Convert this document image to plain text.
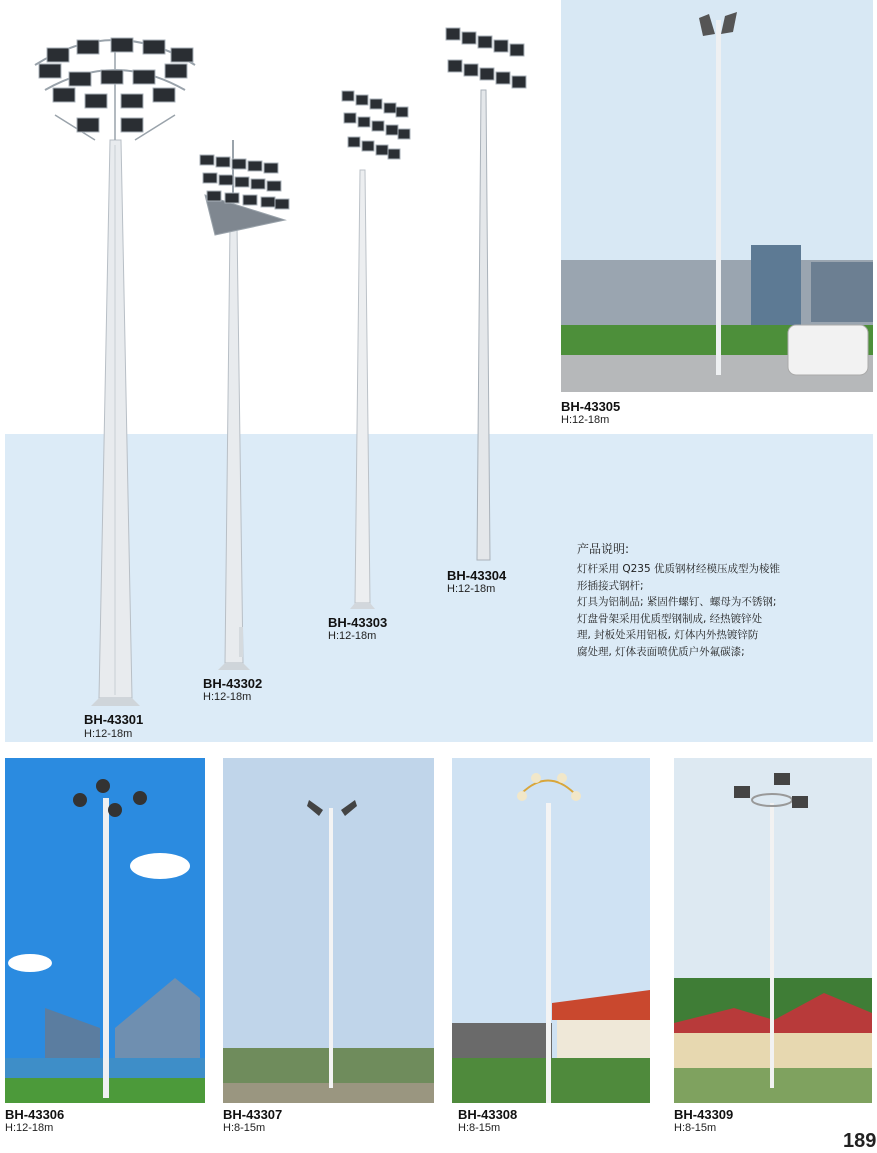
BH-43301
H:12-18m
BH-43302
H:12-18m
BH-43303
H:12-18m
BH-43304
H:12-18m
BH-43305
H:12-18m
产品说明:
灯杆采用 Q235 优质钢材经模压成型为棱锥
形插接式钢杆;
灯具为铝制品; 紧固件螺钉、螺母为不锈钢;
灯盘骨架采用优质型钢制成, 经热镀锌处
理, 封板处采用铝板, 灯体内外热镀锌防
腐处理, 灯体表面喷优质户外氟碳漆;
BH-43306
H:12-18m
BH-43307
H:8-15m
BH-43308
H:8-15m
BH-43309
H:8-15m
189
